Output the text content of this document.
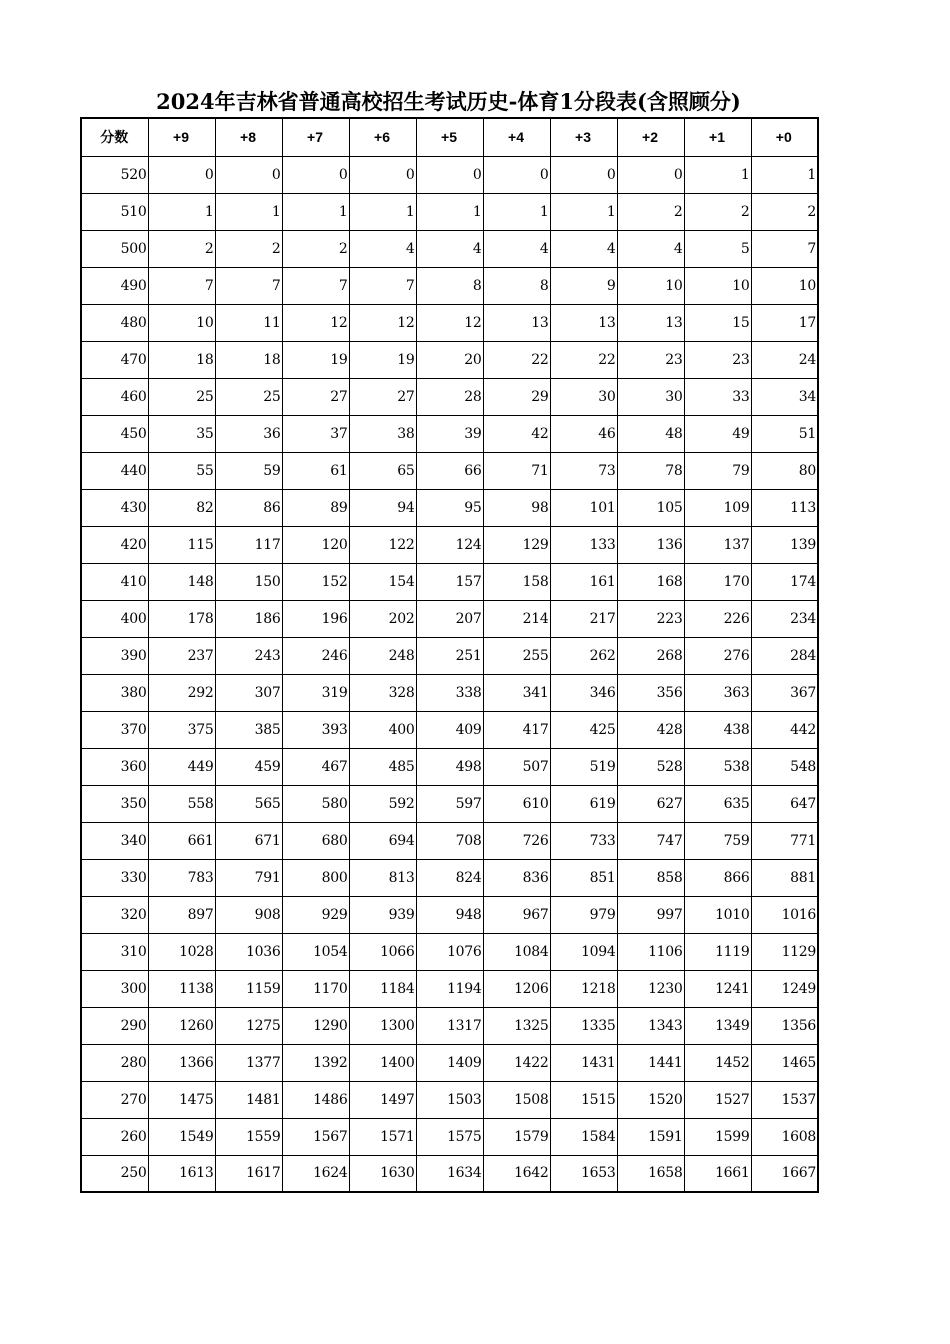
2024年吉林省普通高校招生考试历史-体育1分段表(含照顾分)
分数	+9	+8	+7	+6	+5	+4	+3	+2	+1	+0
520	0	0	0	0	0	0	0	0	1	1
510	1	1	1	1	1	1	1	2	2	2
500	2	2	2	4	4	4	4	4	5	7
490	7	7	7	7	8	8	9	10	10	10
480	10	11	12	12	12	13	13	13	15	17
470	18	18	19	19	20	22	22	23	23	24
460	25	25	27	27	28	29	30	30	33	34
450	35	36	37	38	39	42	46	48	49	51
440	55	59	61	65	66	71	73	78	79	80
430	82	86	89	94	95	98	101	105	109	113
420	115	117	120	122	124	129	133	136	137	139
410	148	150	152	154	157	158	161	168	170	174
400	178	186	196	202	207	214	217	223	226	234
390	237	243	246	248	251	255	262	268	276	284
380	292	307	319	328	338	341	346	356	363	367
370	375	385	393	400	409	417	425	428	438	442
360	449	459	467	485	498	507	519	528	538	548
350	558	565	580	592	597	610	619	627	635	647
340	661	671	680	694	708	726	733	747	759	771
330	783	791	800	813	824	836	851	858	866	881
320	897	908	929	939	948	967	979	997	1010	1016
310	1028	1036	1054	1066	1076	1084	1094	1106	1119	1129
300	1138	1159	1170	1184	1194	1206	1218	1230	1241	1249
290	1260	1275	1290	1300	1317	1325	1335	1343	1349	1356
280	1366	1377	1392	1400	1409	1422	1431	1441	1452	1465
270	1475	1481	1486	1497	1503	1508	1515	1520	1527	1537
260	1549	1559	1567	1571	1575	1579	1584	1591	1599	1608
250	1613	1617	1624	1630	1634	1642	1653	1658	1661	1667
